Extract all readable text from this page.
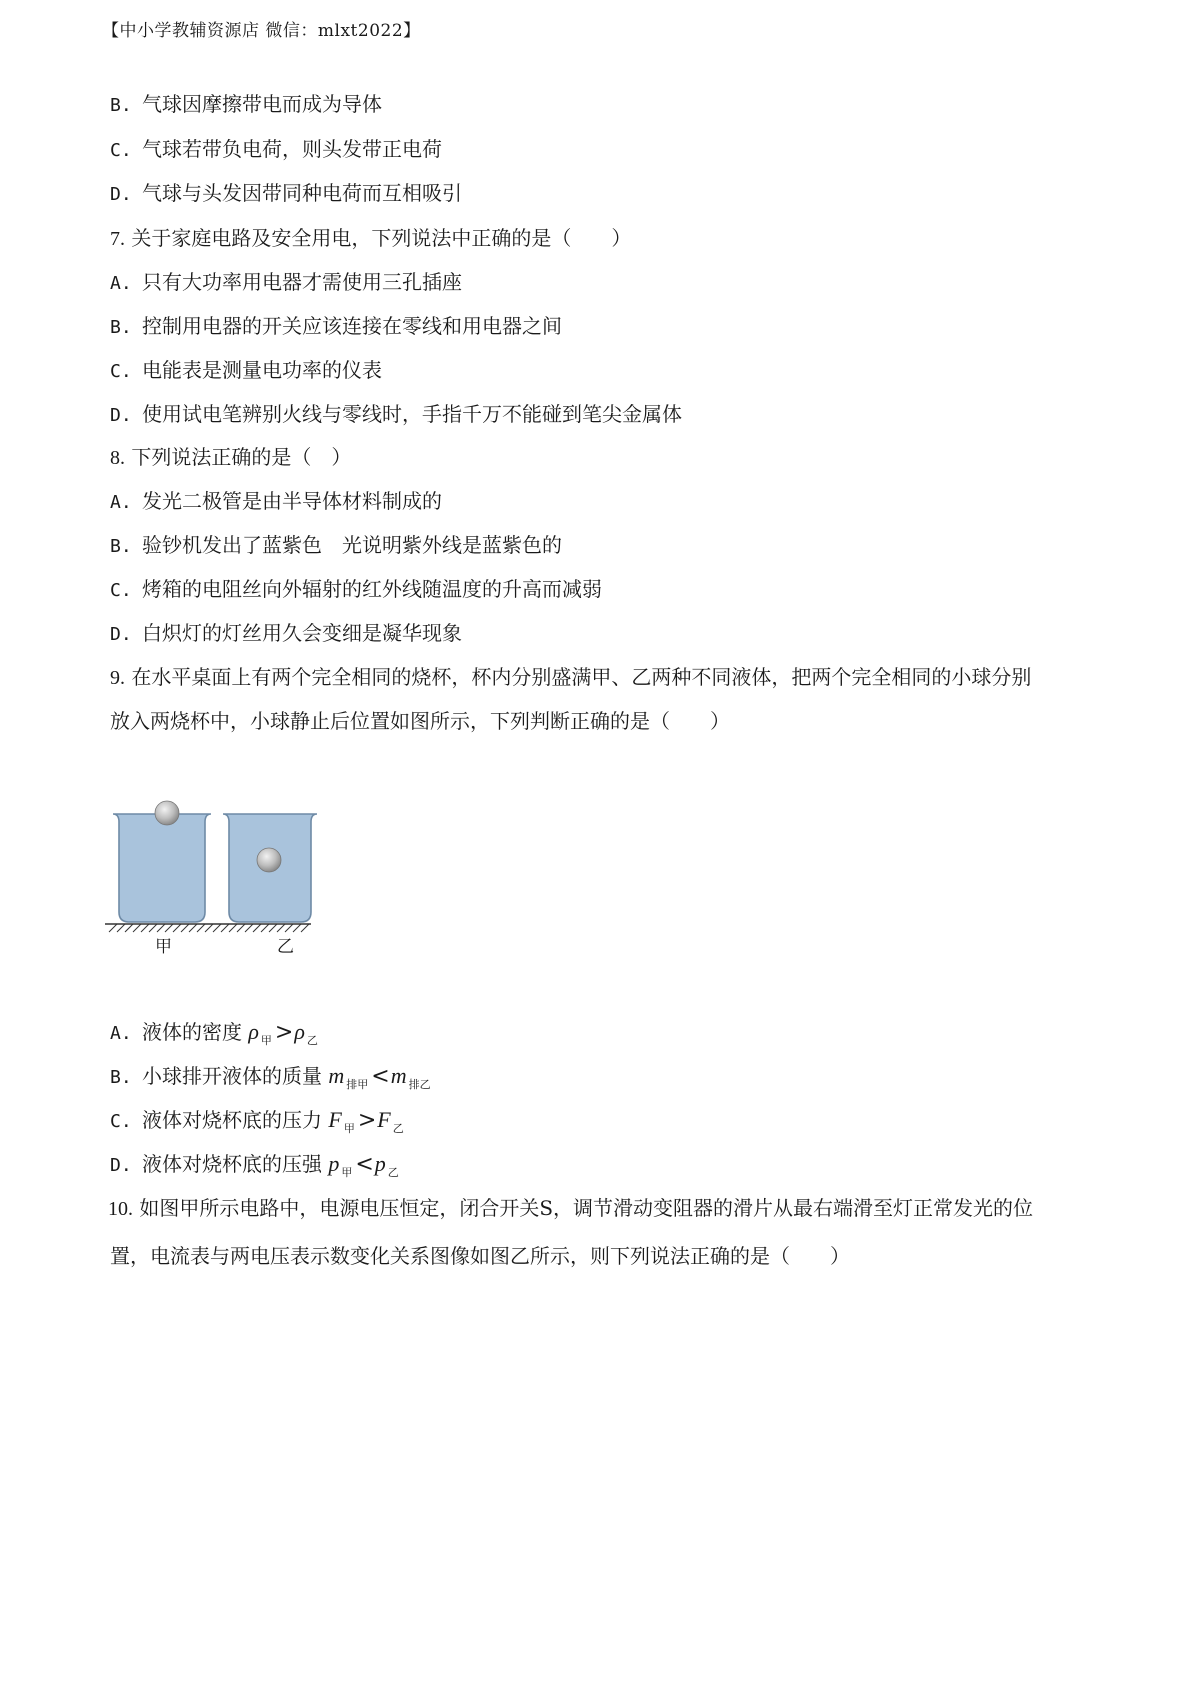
【中小学教辅资源店 微信：mlxt2022】
B. 气球因摩擦带电而成为导体
C. 气球若带负电荷，则头发带正电荷
D. 气球与头发因带同种电荷而互相吸引
7. 关于家庭电路及安全用电，下列说法中正确的是（　　）
A. 只有大功率用电器才需使用三孔插座
B. 控制用电器的开关应该连接在零线和用电器之间
C. 电能表是测量电功率的仪表
D. 使用试电笔辨别火线与零线时，手指千万不能碰到笔尖金属体
8. 下列说法正确的是（　）
A. 发光二极管是由半导体材料制成的
B. 验钞机发出了蓝紫色　光说明紫外线是蓝紫色的
C. 烤箱的电阻丝向外辐射的红外线随温度的升高而减弱
D. 白炽灯的灯丝用久会变细是凝华现象
9. 在水平桌面上有两个完全相同的烧杯，杯内分别盛满甲、乙两种不同液体，把两个完全相同的小球分别
放入两烧杯中，小球静止后位置如图所示，下列判断正确的是（　　）
甲	乙
A. 液体的密度 ρ $_甲$ >ρ $_乙$
B. 小球排开液体的质量 m $_{排甲}$ <m $_{排乙}$
C. 液体对烧杯底的压力 F $_甲$ >F $_乙$
D. 液体对烧杯底的压强 p $_甲$ <p $_乙$
10. 如图甲所示电路中，电源电压恒定，闭合开关S，调节滑动变阻器的滑片从最右端滑至灯正常发光的位
置，电流表与两电压表示数变化关系图像如图乙所示，则下列说法正确的是（　　）
